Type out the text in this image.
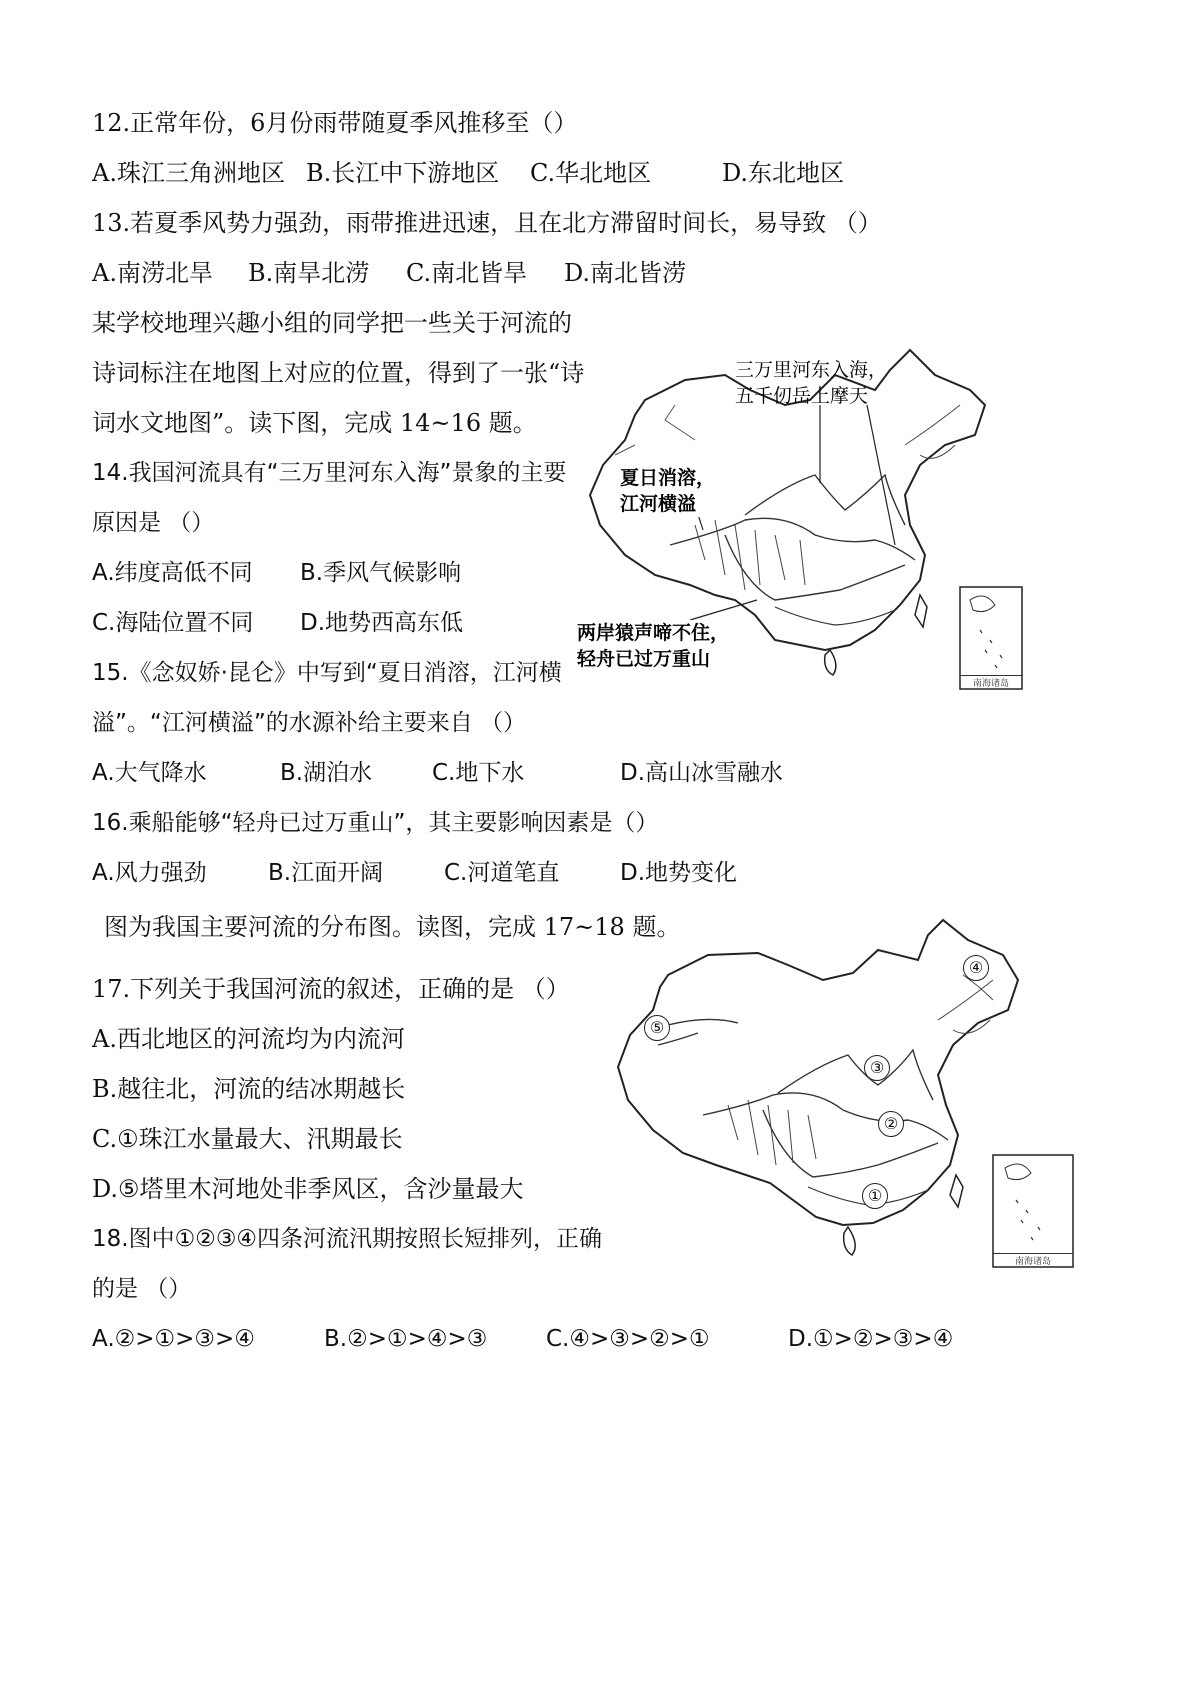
12.正常年份，6月份雨带随夏季风推移至（）
A.珠江三角洲地区 B.长江中下游地区 C.华北地区	D.东北地区
13.若夏季风势力强劲，雨带推进迅速，且在北方滞留时间长，易导致 （）
A.南涝北旱 B.南旱北涝 C.南北皆旱 D.南北皆涝
某学校地理兴趣小组的同学把一些关于河流的
诗词标注在地图上对应的位置，得到了一张“诗
词水文地图”。读下图，完成 14~16 题。
14.我国河流具有“三万里河东入海”景象的主要
原因是 （）
A.纬度高低不同 B.季风气候影响
C.海陆位置不同 D.地势西高东低
15.《念奴娇·昆仑》中写到“夏日消溶，江河横
溢”。“江河横溢”的水源补给主要来自 （）
A.大气降水	B.湖泊水	C.地下水	D.高山冰雪融水
16.乘船能够“轻舟已过万重山”，其主要影响因素是（）
A.风力强劲	B.江面开阔	C.河道笔直	D.地势变化
图为我国主要河流的分布图。读图，完成 17~18 题。
17.下列关于我国河流的叙述，正确的是 （）
A.西北地区的河流均为内流河
B.越往北，河流的结冰期越长
C.①珠江水量最大、汛期最长
D.⑤塔里木河地处非季风区，含沙量最大
18.图中①②③④四条河流汛期按照长短排列，正确
的是 （）
A.②>①>③>④	B.②>①>④>③	C.④>③>②>①	D.①>②>③>④
三万里河东入海，
五千仞岳上摩天
夏日消溶，
江河横溢
两岸猿声啼不住，
轻舟已过万重山
南海诸岛
①
②
③
④
⑤
南海诸岛
